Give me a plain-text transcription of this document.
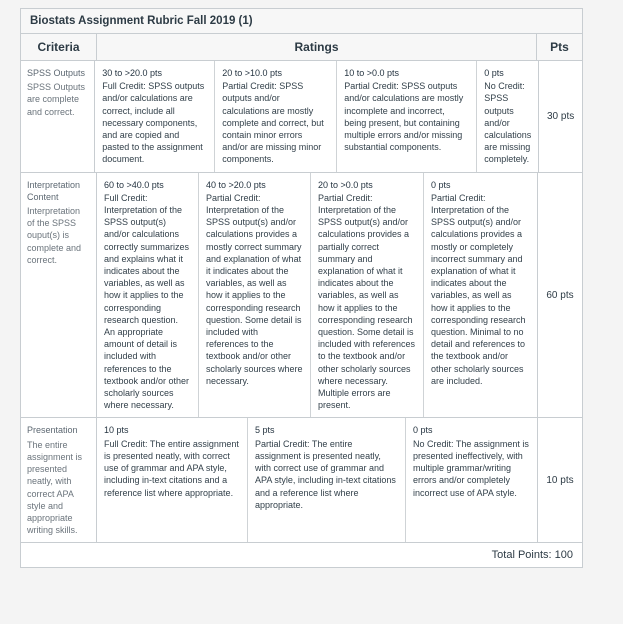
Biostats Assignment Rubric Fall 2019 (1)
Criteria	Ratings	Pts
SPSS Outputs
SPSS Outputs are complete and correct.
30 to >20.0 pts
Full Credit: SPSS outputs and/or calculations are correct, include all necessary components, and are copied and pasted to the assignment document.
20 to >10.0 pts
Partial Credit: SPSS outputs and/or calculations are mostly complete and correct, but contain minor errors and/or are missing minor components.
10 to >0.0 pts
Partial Credit: SPSS outputs and/or calculations are mostly incomplete and incorrect, being present, but containing multiple errors and/or missing substantial components.
0 pts
No Credit: SPSS outputs and/or calculations are missing completely.
30 pts
Interpretation Content
Interpretation of the SPSS ouput(s) is complete and correct.
60 to >40.0 pts
Full Credit: Interpretation of the SPSS output(s) and/or calculations correctly summarizes and explains what it indicates about the variables, as well as how it applies to the corresponding research question. An appropriate amount of detail is included with references to the textbook and/or other scholarly sources where necessary.
40 to >20.0 pts
Partial Credit: Interpretation of the SPSS output(s) and/or calculations provides a mostly correct summary and explanation of what it indicates about the variables, as well as how it applies to the corresponding research question. Some detail is included with references to the textbook and/or other scholarly sources where necessary.
20 to >0.0 pts
Partial Credit: Interpretation of the SPSS output(s) and/or calculations provides a partially correct summary and explanation of what it indicates about the variables, as well as how it applies to the corresponding research question. Some detail is included with references to the textbook and/or other scholarly sources where necessary. Multiple errors are present.
0 pts
Partial Credit: Interpretation of the SPSS output(s) and/or calculations provides a mostly or completely incorrect summary and explanation of what it indicates about the variables, as well as how it applies to the corresponding research question. Minimal to no detail and references to the textbook and/or other scholarly sources are included.
60 pts
Presentation
The entire assignment is presented neatly, with correct APA style and appropriate writing skills.
10 pts
Full Credit: The entire assignment is presented neatly, with correct use of grammar and APA style, including in-text citations and a reference list where appropriate.
5 pts
Partial Credit: The entire assignment is presented neatly, with correct use of grammar and APA style, including in-text citations and a reference list where appropriate.
0 pts
No Credit: The assignment is presented ineffectively, with multiple grammar/writing errors and/or completely incorrect use of APA style.
10 pts
Total Points: 100
